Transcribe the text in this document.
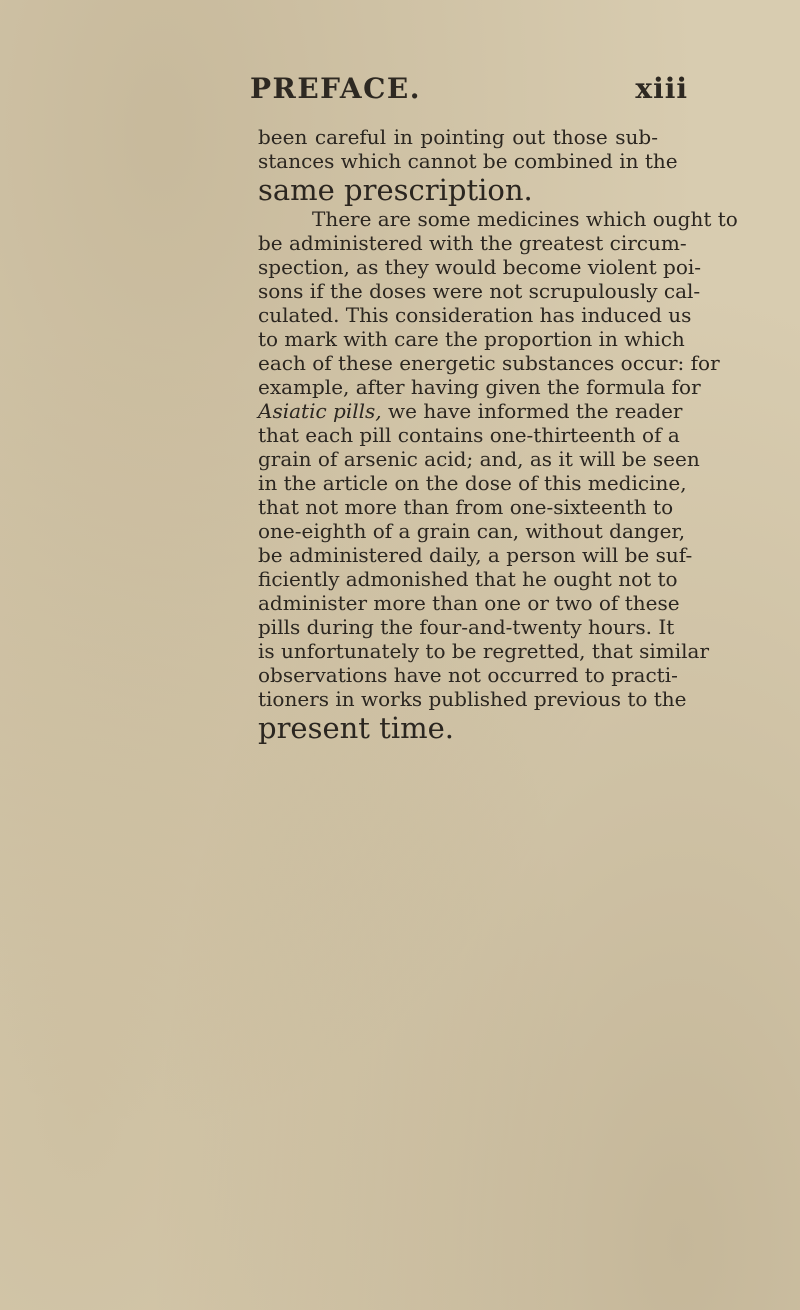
PREFACE.	xiii
been careful in pointing out those sub-
stances which cannot be combined in the
same prescription.
There are some medicines which ought to
be administered with the greatest circum-
spection, as they would become violent poi-
sons if the doses were not scrupulously cal-
culated. This consideration has induced us
to mark with care the proportion in which
each of these energetic substances occur: for
example, after having given the formula for
Asiatic pills, we have informed the reader
that each pill contains one-thirteenth of a
grain of arsenic acid; and, as it will be seen
in the article on the dose of this medicine,
that not more than from one-sixteenth to
one-eighth of a grain can, without danger,
be administered daily, a person will be suf-
ficiently admonished that he ought not to
administer more than one or two of these
pills during the four-and-twenty hours. It
is unfortunately to be regretted, that similar
observations have not occurred to practi-
tioners in works published previous to the
present time.
